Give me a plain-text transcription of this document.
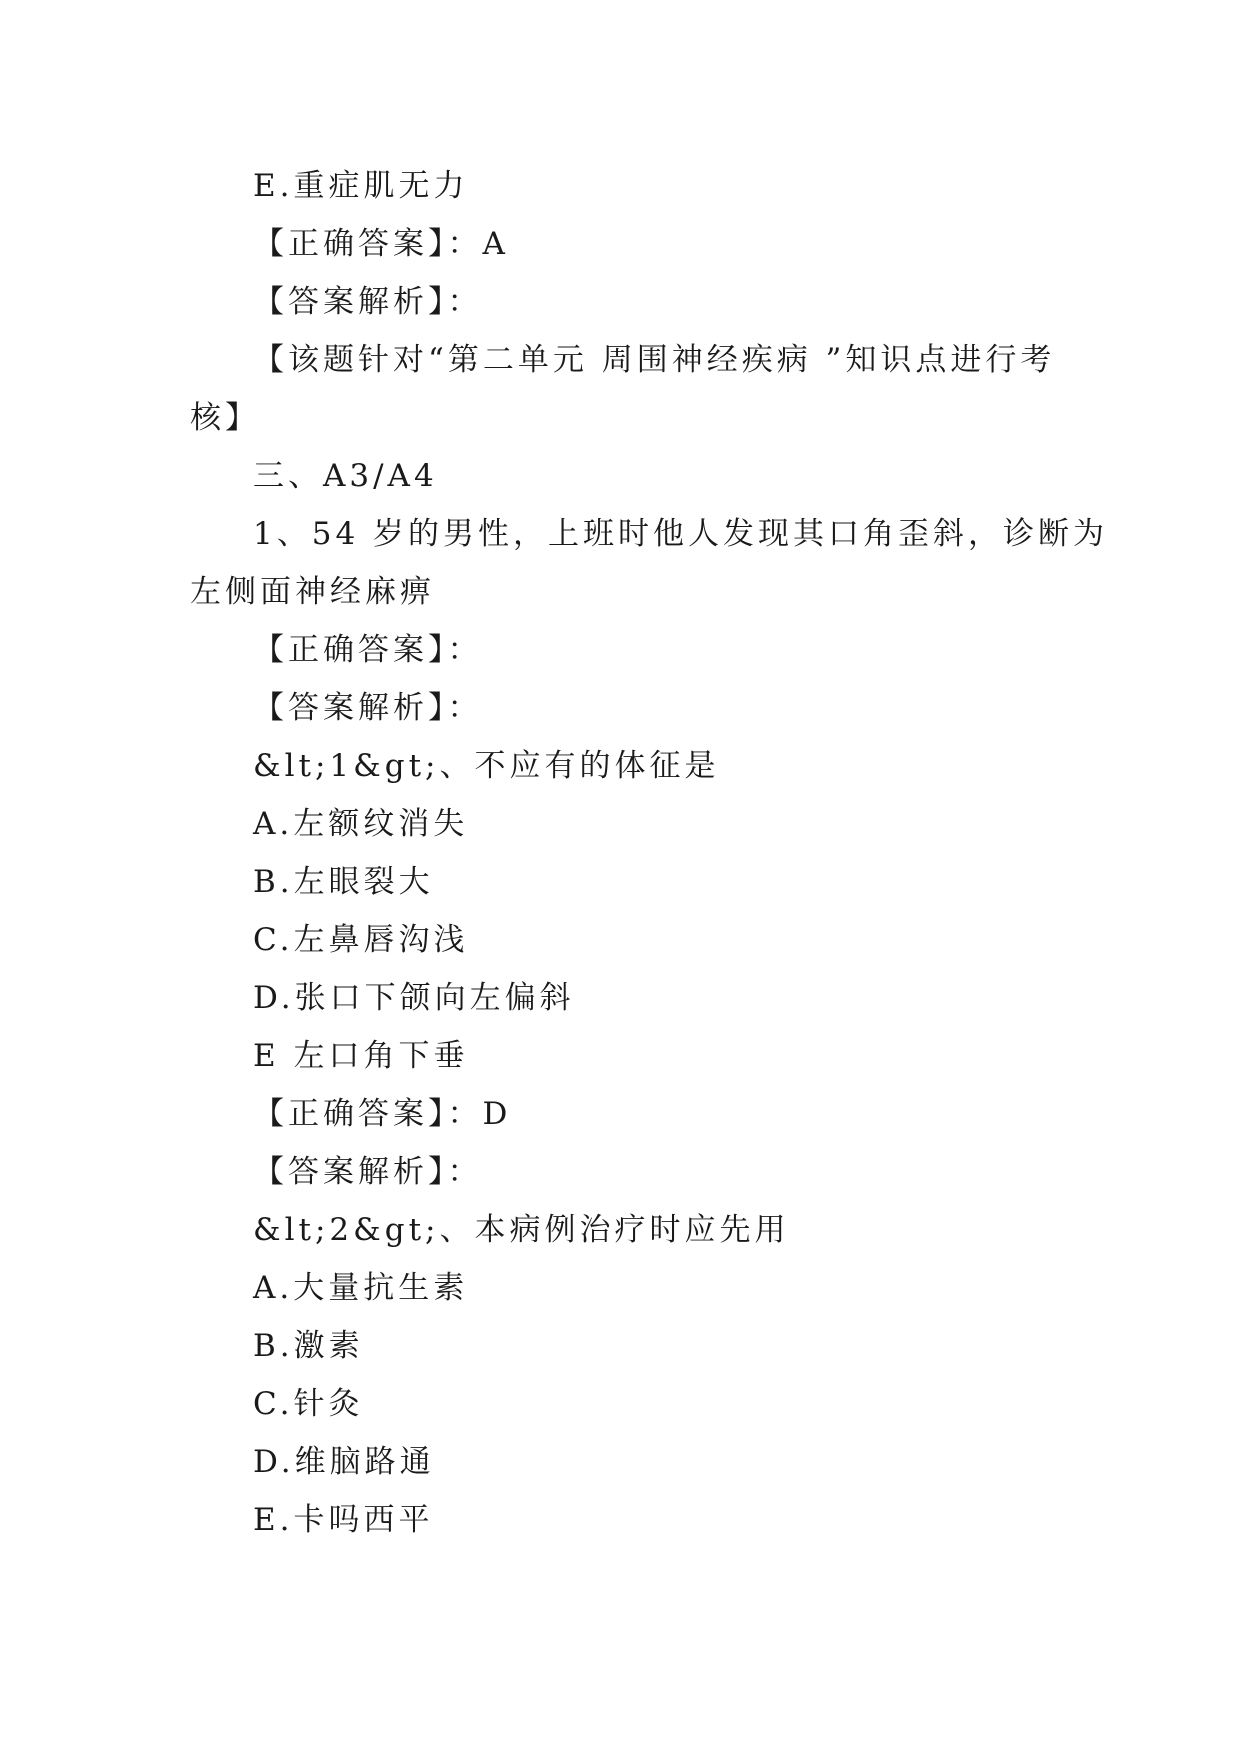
E.重症肌无力
【正确答案】：A
【答案解析】：
【该题针对“第二单元 周围神经疾病 ”知识点进行考
核】
三、A3/A4
1、54 岁的男性，上班时他人发现其口角歪斜，诊断为
左侧面神经麻痹
【正确答案】：
【答案解析】：
&lt;1&gt;、不应有的体征是
A.左额纹消失
B.左眼裂大
C.左鼻唇沟浅
D.张口下颌向左偏斜
E 左口角下垂
【正确答案】：D
【答案解析】：
&lt;2&gt;、本病例治疗时应先用
A.大量抗生素
B.激素
C.针灸
D.维脑路通
E.卡吗西平
